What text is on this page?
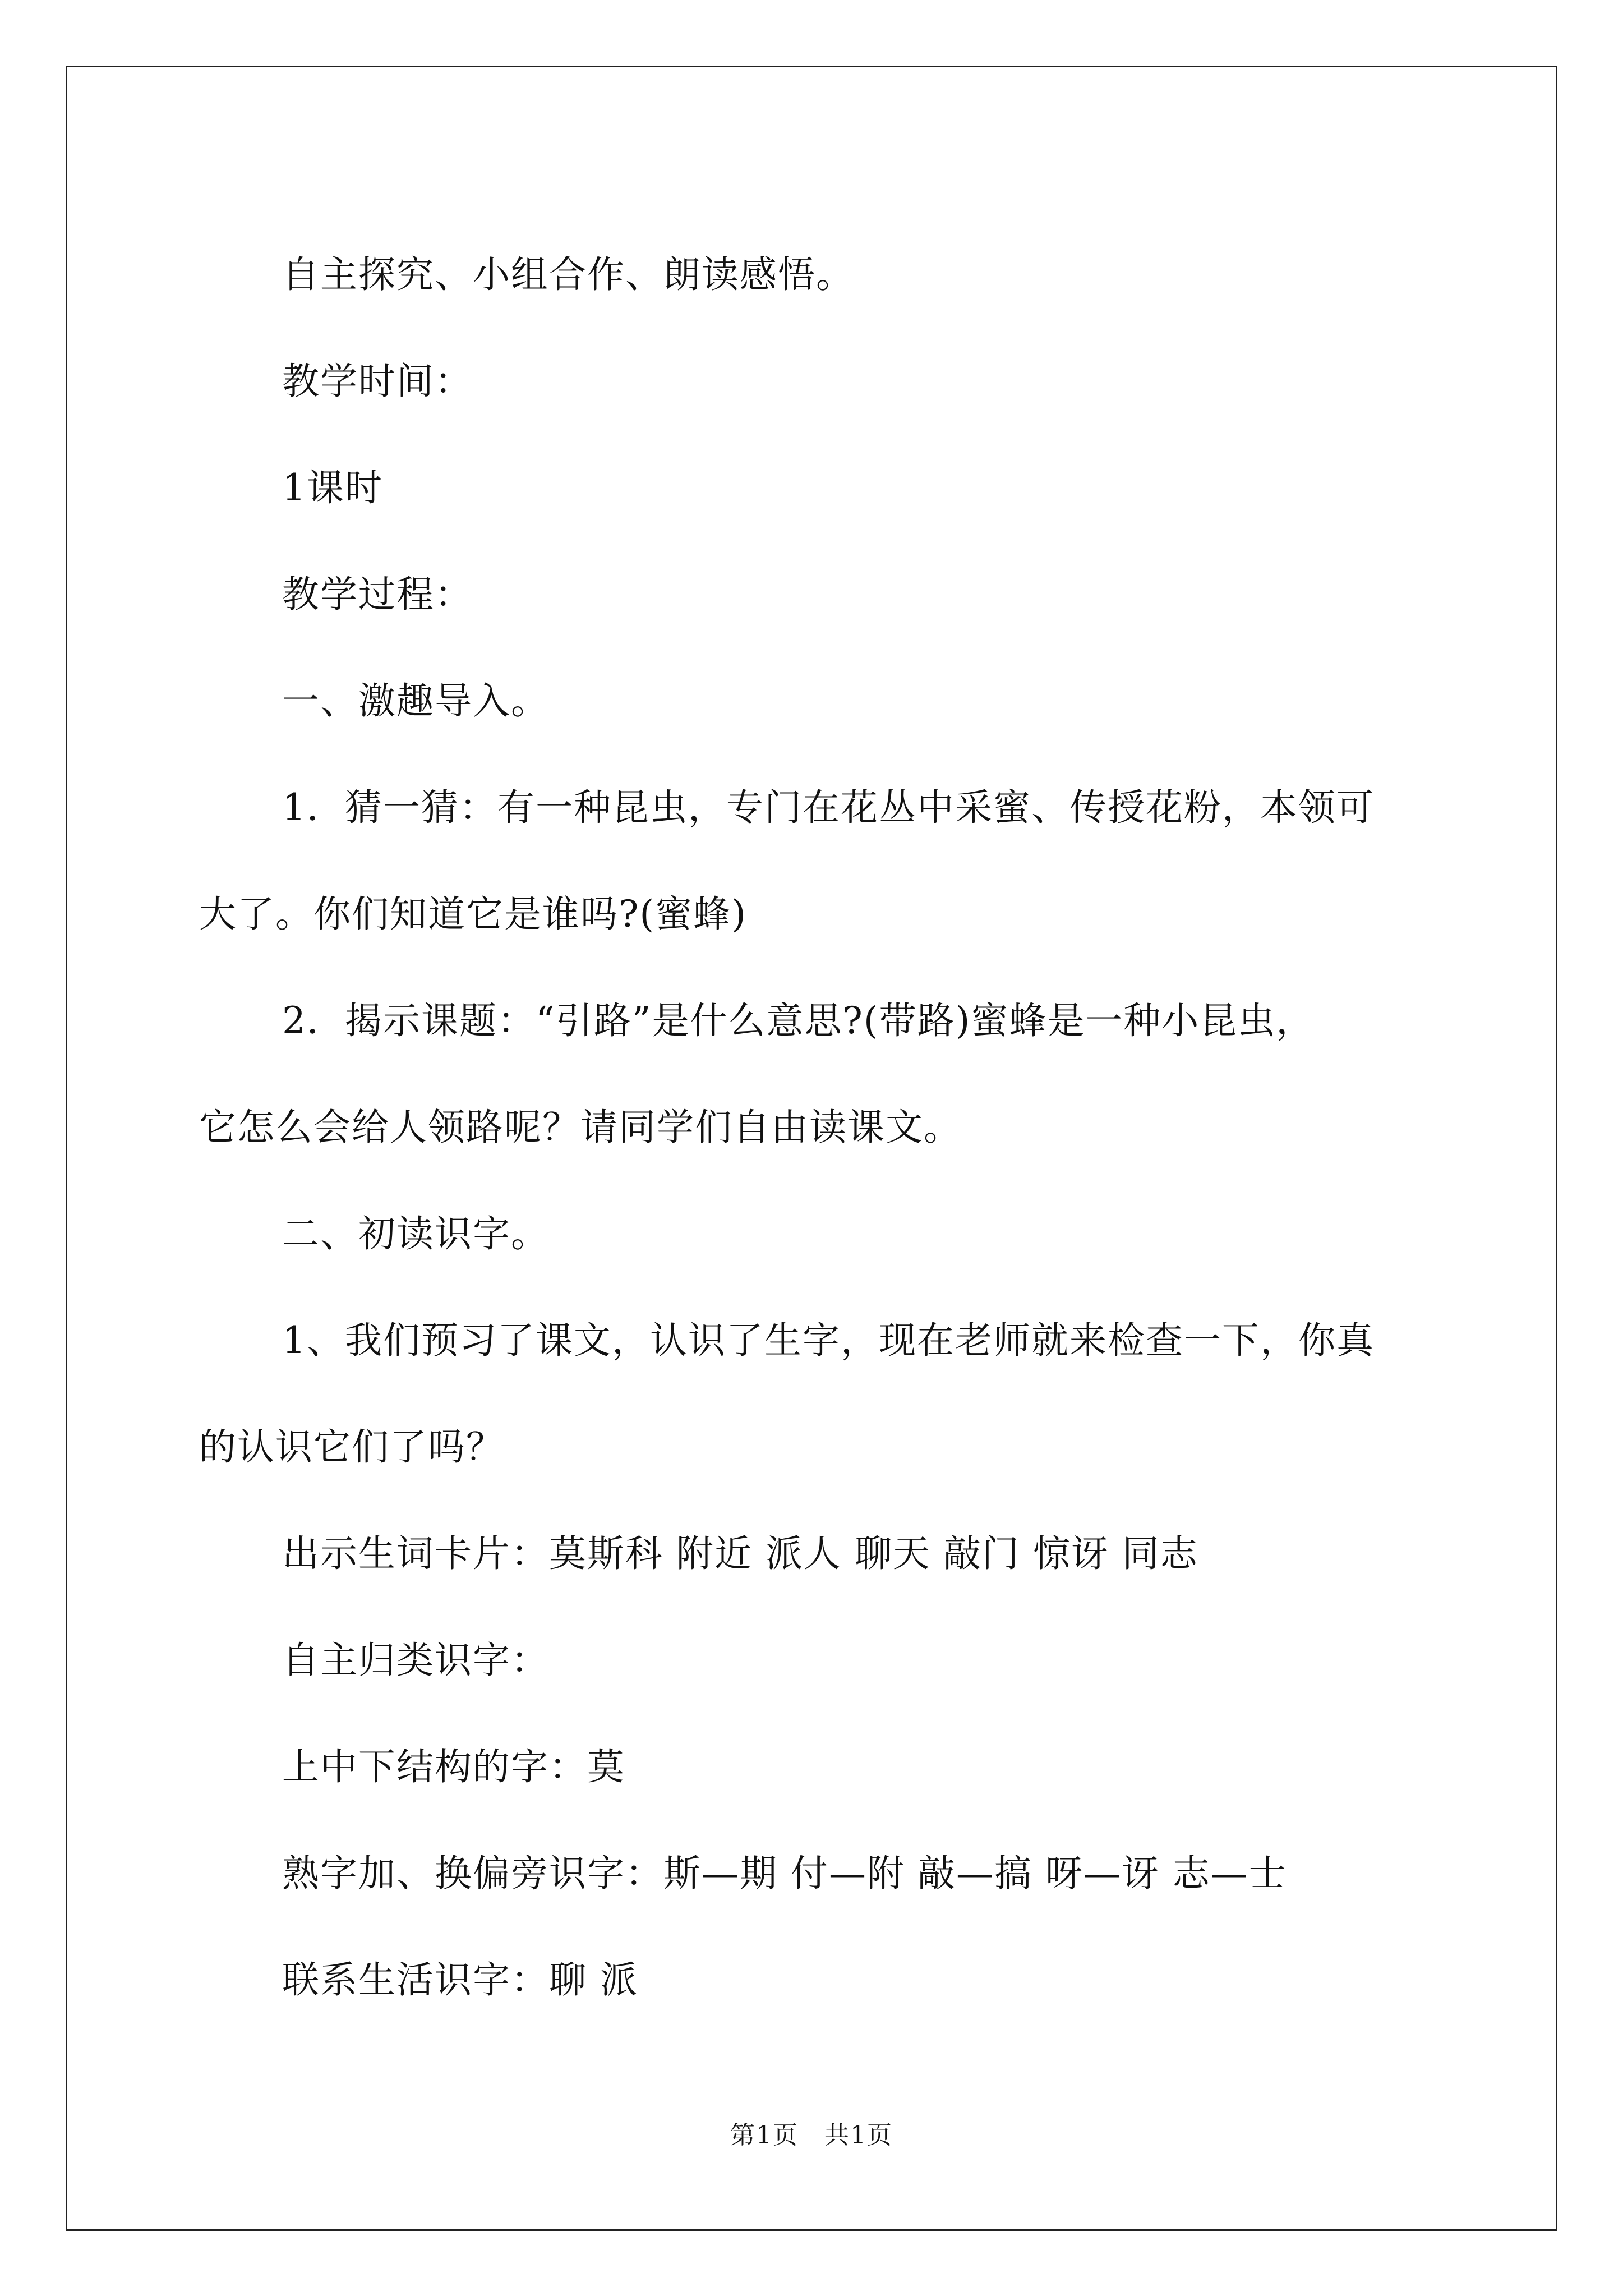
自主探究、小组合作、朗读感悟。

教学时间：

1课时

教学过程：

一、激趣导入。

1．猜一猜：有一种昆虫，专门在花丛中采蜜、传授花粉，本领可

大了。你们知道它是谁吗?(蜜蜂)

2．揭示课题：“引路”是什么意思?(带路)蜜蜂是一种小昆虫，

它怎么会给人领路呢？请同学们自由读课文。

二、初读识字。

1、我们预习了课文，认识了生字，现在老师就来检查一下，你真

的认识它们了吗？

出示生词卡片：莫斯科 附近 派人 聊天 敲门 惊讶 同志

自主归类识字：

上中下结构的字：莫

熟字加、换偏旁识字：斯—期 付—附 敲—搞 呀—讶 志—士

联系生活识字：聊 派

第1页　共1页
